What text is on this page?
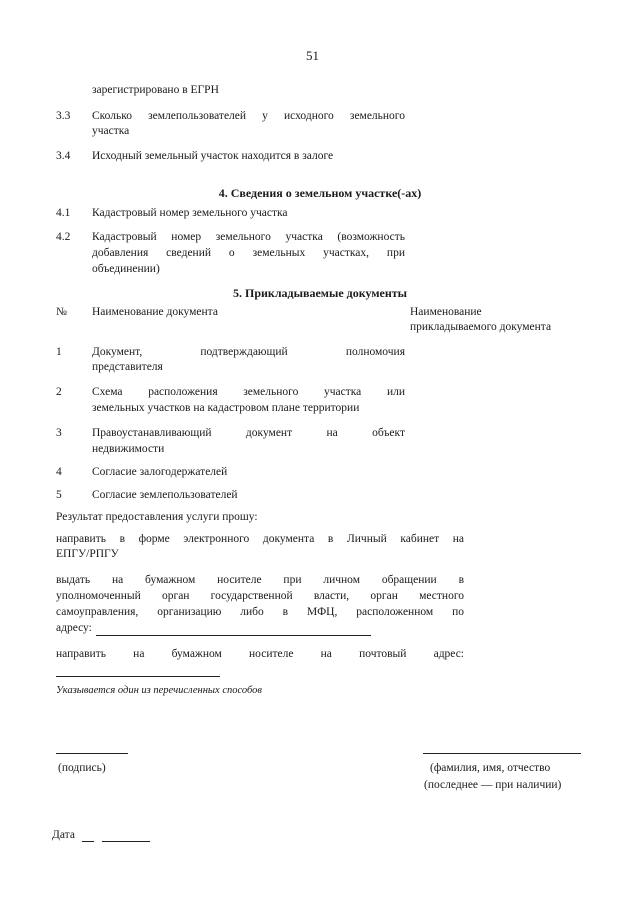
51
зарегистрировано в ЕГРН
3.3 Сколько землепользователей у исходного земельного
участка
3.4 Исходный земельный участок находится в залоге
4. Сведения о земельном участке(-ах)
4.1 Кадастровый номер земельного участка
4.2 Кадастровый номер земельного участка (возможность
добавления сведений о земельных участках, при
объединении)
5. Прикладываемые документы
№ Наименование документа	Наименование
прикладываемого документа
1	Документ, подтверждающий полномочия
представителя
2	Схема расположения земельного участка или
земельных участков на кадастровом плане территории
3	Правоустанавливающий документ на объект
недвижимости
4	Согласие залогодержателей
5	Согласие землепользователей
Результат предоставления услуги прошу:
направить в форме электронного документа в Личный кабинет на
ЕПГУ/РПГУ
выдать на бумажном носителе при личном обращении в
уполномоченный орган государственной власти, орган местного
самоуправления, организацию либо в МФЦ, расположенном по
адресу:
направить на бумажном носителе на почтовый адрес:
Указывается один из перечисленных способов
(подпись)	(фамилия, имя, отчество
(последнее — при наличии)
Дата
